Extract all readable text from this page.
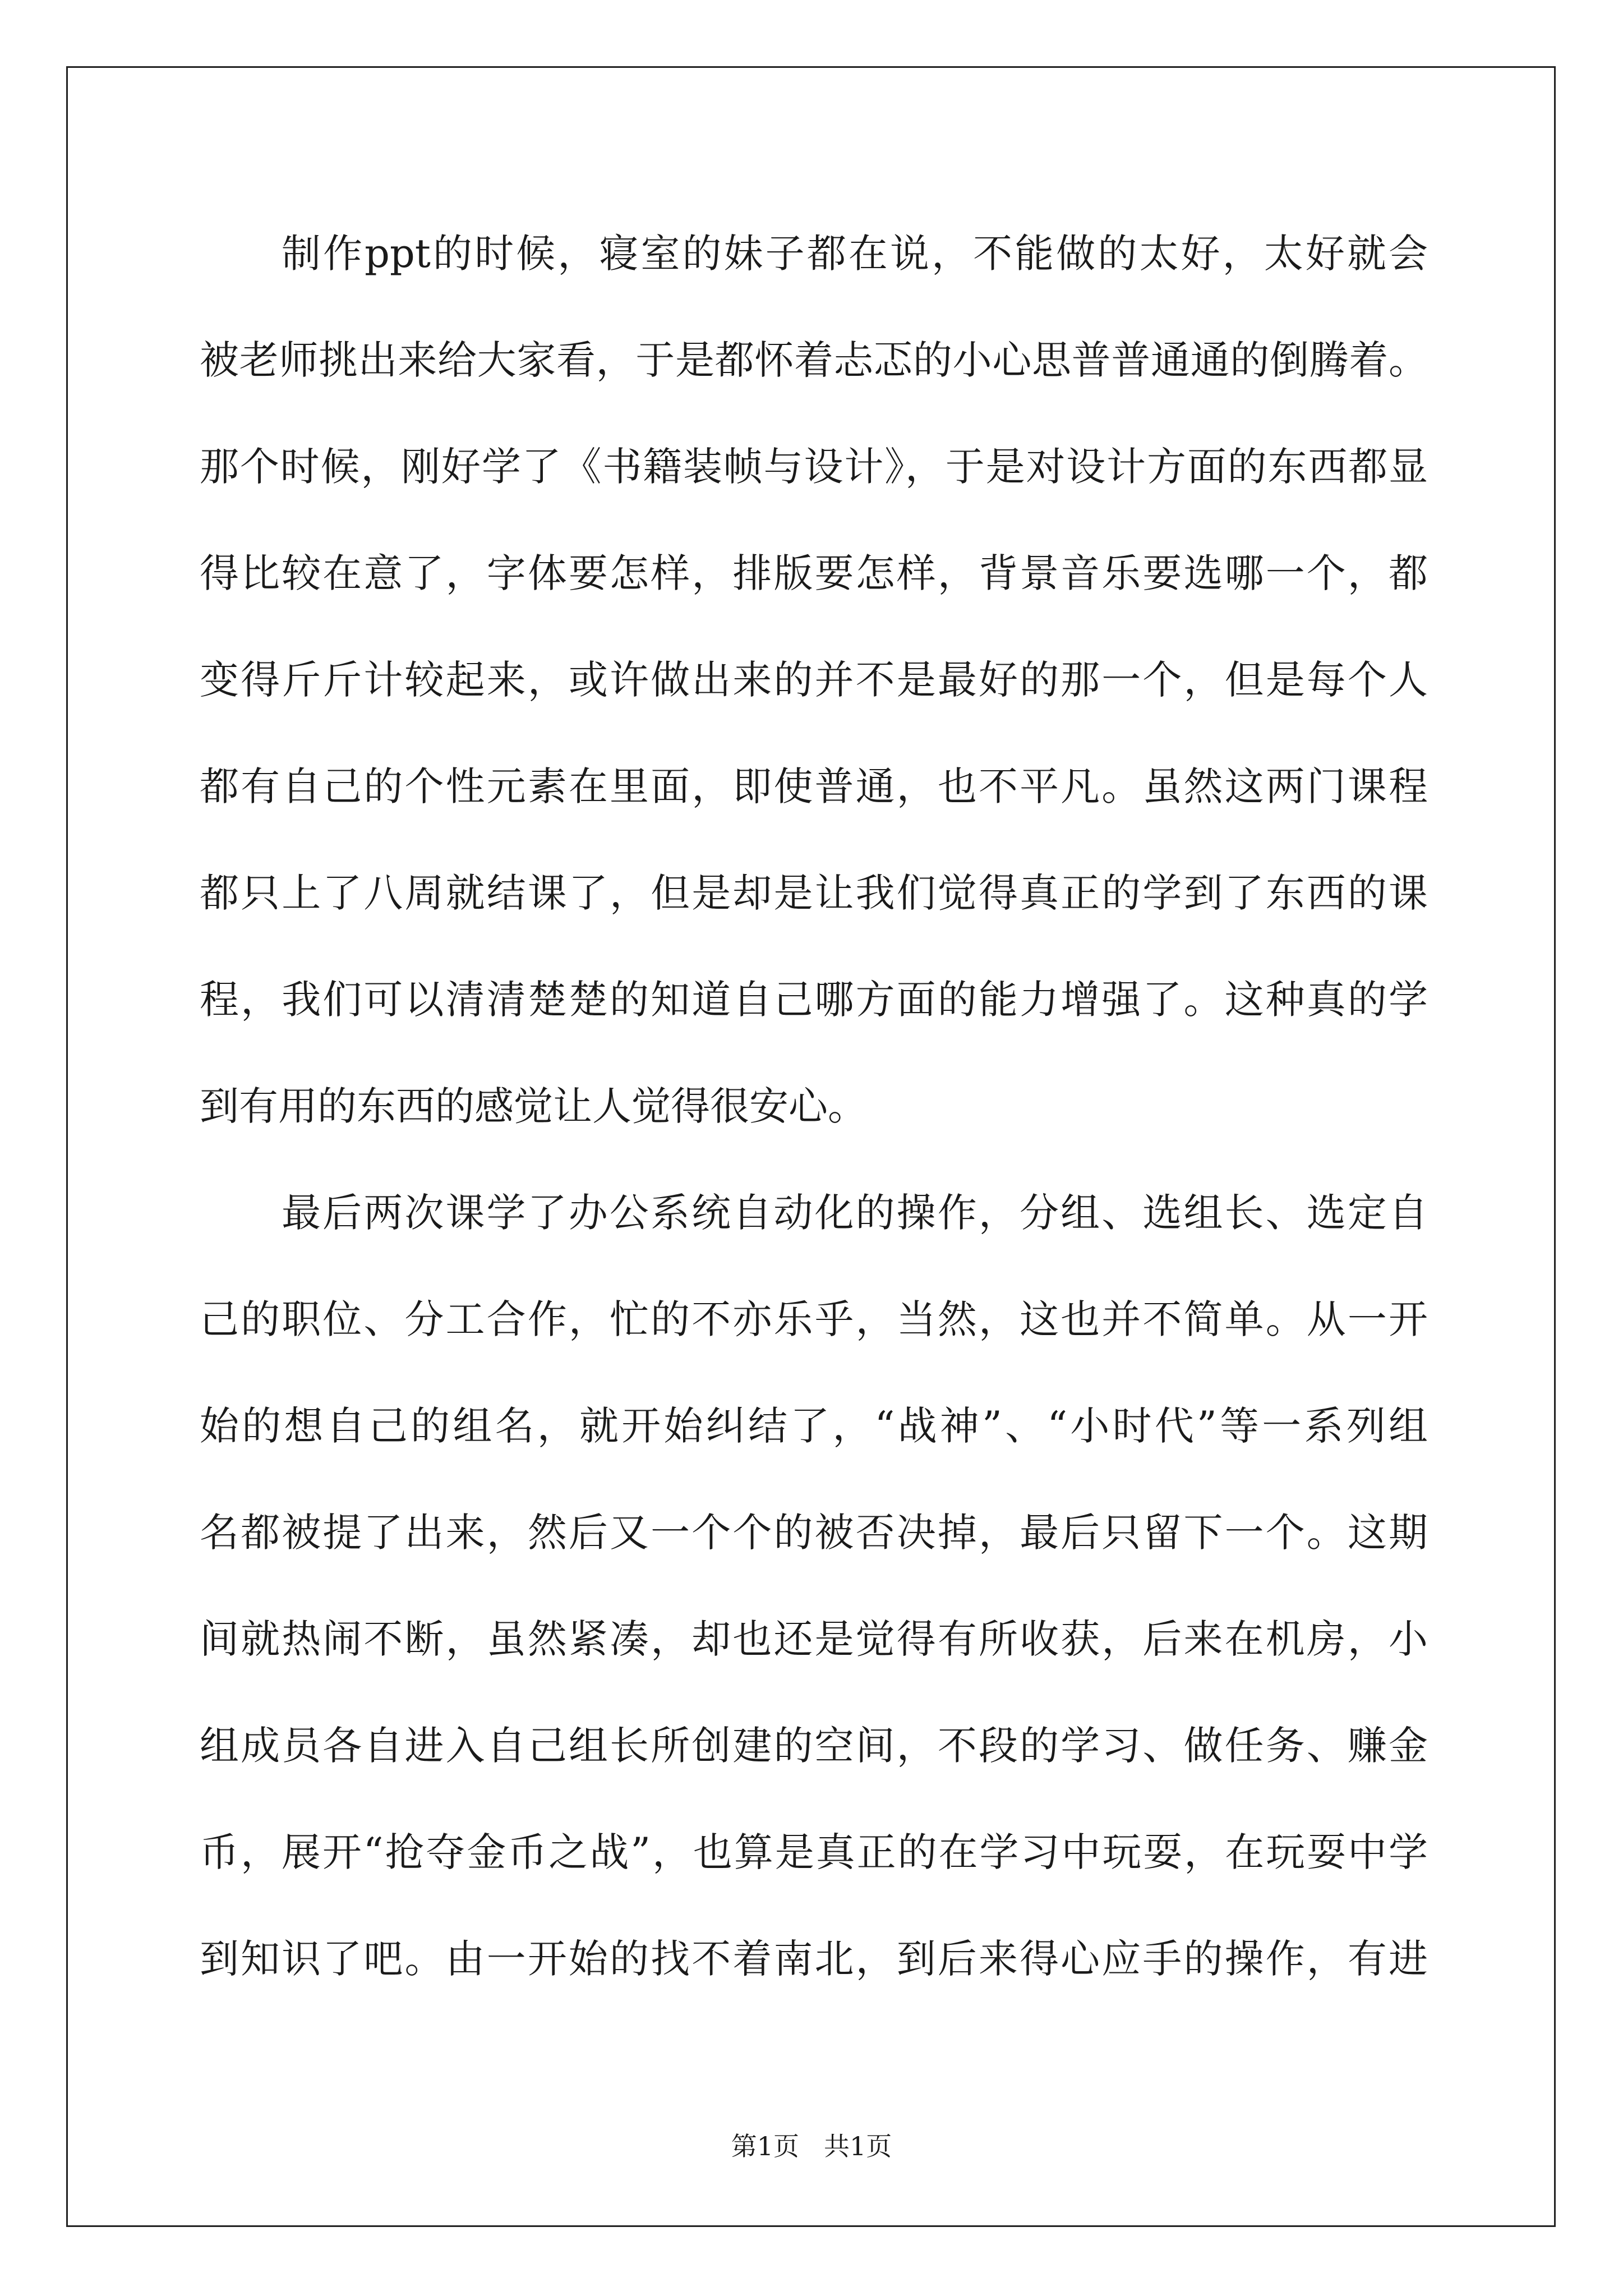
制作ppt的时候，寝室的妹子都在说，不能做的太好，太好就会
被老师挑出来给大家看，于是都怀着忐忑的小心思普普通通的倒腾着。
那个时候，刚好学了《书籍装帧与设计》，于是对设计方面的东西都显
得比较在意了，字体要怎样，排版要怎样，背景音乐要选哪一个，都
变得斤斤计较起来，或许做出来的并不是最好的那一个，但是每个人
都有自己的个性元素在里面，即使普通，也不平凡。虽然这两门课程
都只上了八周就结课了，但是却是让我们觉得真正的学到了东西的课
程，我们可以清清楚楚的知道自己哪方面的能力增强了。这种真的学
到有用的东西的感觉让人觉得很安心。
最后两次课学了办公系统自动化的操作，分组、选组长、选定自
己的职位、分工合作，忙的不亦乐乎，当然，这也并不简单。从一开
始的想自己的组名，就开始纠结了，“战神”、“小时代”等一系列组
名都被提了出来，然后又一个个的被否决掉，最后只留下一个。这期
间就热闹不断，虽然紧凑，却也还是觉得有所收获，后来在机房，小
组成员各自进入自己组长所创建的空间，不段的学习、做任务、赚金
币，展开“抢夺金币之战”，也算是真正的在学习中玩耍，在玩耍中学
到知识了吧。由一开始的找不着南北，到后来得心应手的操作，有进
第1页 共1页
